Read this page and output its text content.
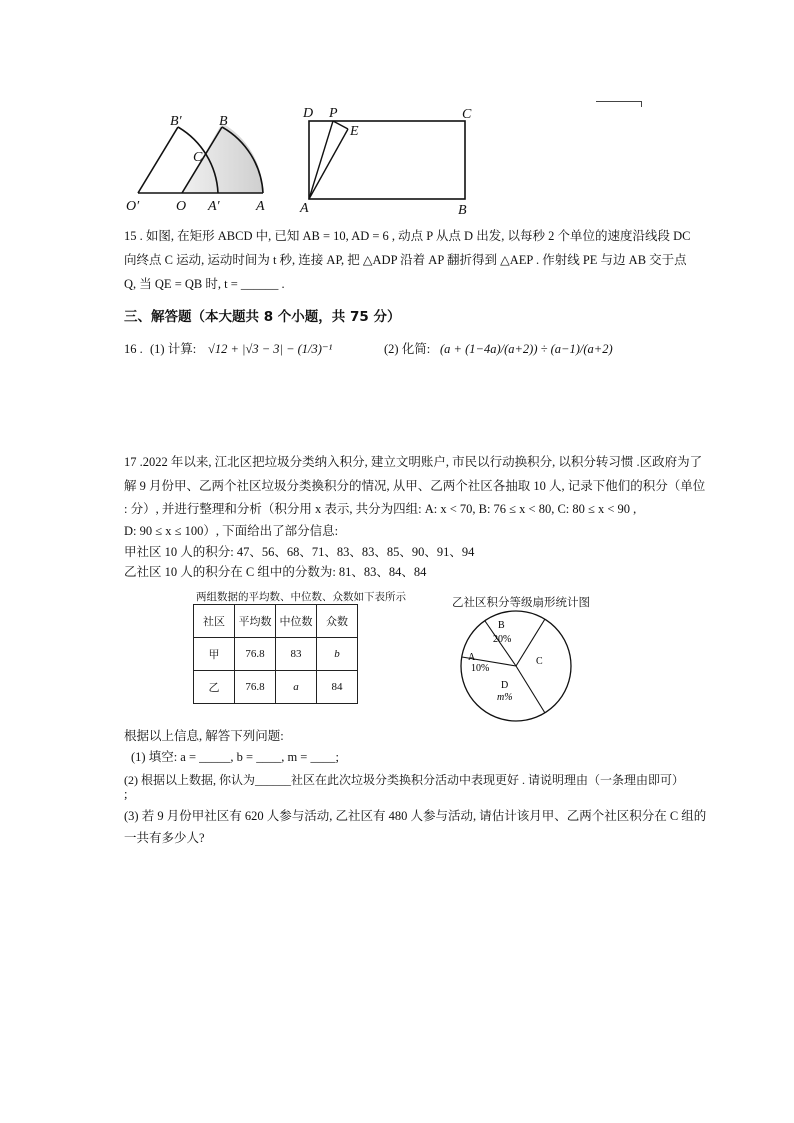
B′	B
C
O′	O A′	A
D P	C
E
A	B
15 . 如图, 在矩形 ABCD 中, 已知 AB = 10, AD = 6 , 动点 P 从点 D 出发, 以每秒 2 个单位的速度沿线段 DC
向终点 C 运动, 运动时间为 t 秒, 连接 AP, 把 △ADP 沿着 AP 翻折得到 △AEP . 作射线 PE 与边 AB 交于点
Q, 当 QE = QB 时, t = ______ .
三、解答题（本大题共 8 个小题，共 75 分）
16 . (1) 计算: √12 + |√3 − 3| − (1/3)⁻¹	(2) 化简: (a + (1−4a)/(a+2)) ÷ (a−1)/(a+2)
17 .2022 年以来, 江北区把垃圾分类纳入积分, 建立文明账户, 市民以行动换积分, 以积分转习惯 .区政府为了
解 9 月份甲、乙两个社区垃圾分类換积分的情况, 从甲、乙两个社区各抽取 10 人, 记录下他们的积分（单位
: 分）, 并进行整理和分析（积分用 x 表示, 共分为四组: A: x < 70, B: 76 ≤ x < 80, C: 80 ≤ x < 90 ,
D: 90 ≤ x ≤ 100）, 下面给出了部分信息:
甲社区 10 人的积分: 47、56、68、71、83、83、85、90、91、94
乙社区 10 人的积分在 C 组中的分数为: 81、83、84、84
两组数据的平均数、中位数、众数如下表所示
社区	平均数	中位数	众数
甲	76.8	83	b
乙	76.8	a	84
乙社区积分等级扇形统计图
B
20%
C
D
m%
A
10%
根据以上信息, 解答下列问题:
(1) 填空: a = _____, b = ____, m = ____;
(2) 根据以上数据, 你认为______社区在此次垃圾分类换积分活动中表现更好 . 请说明理由（一条理由即可）
;
(3) 若 9 月份甲社区有 620 人参与活动, 乙社区有 480 人参与活动, 请估计该月甲、乙两个社区积分在 C 组的
一共有多少人?
